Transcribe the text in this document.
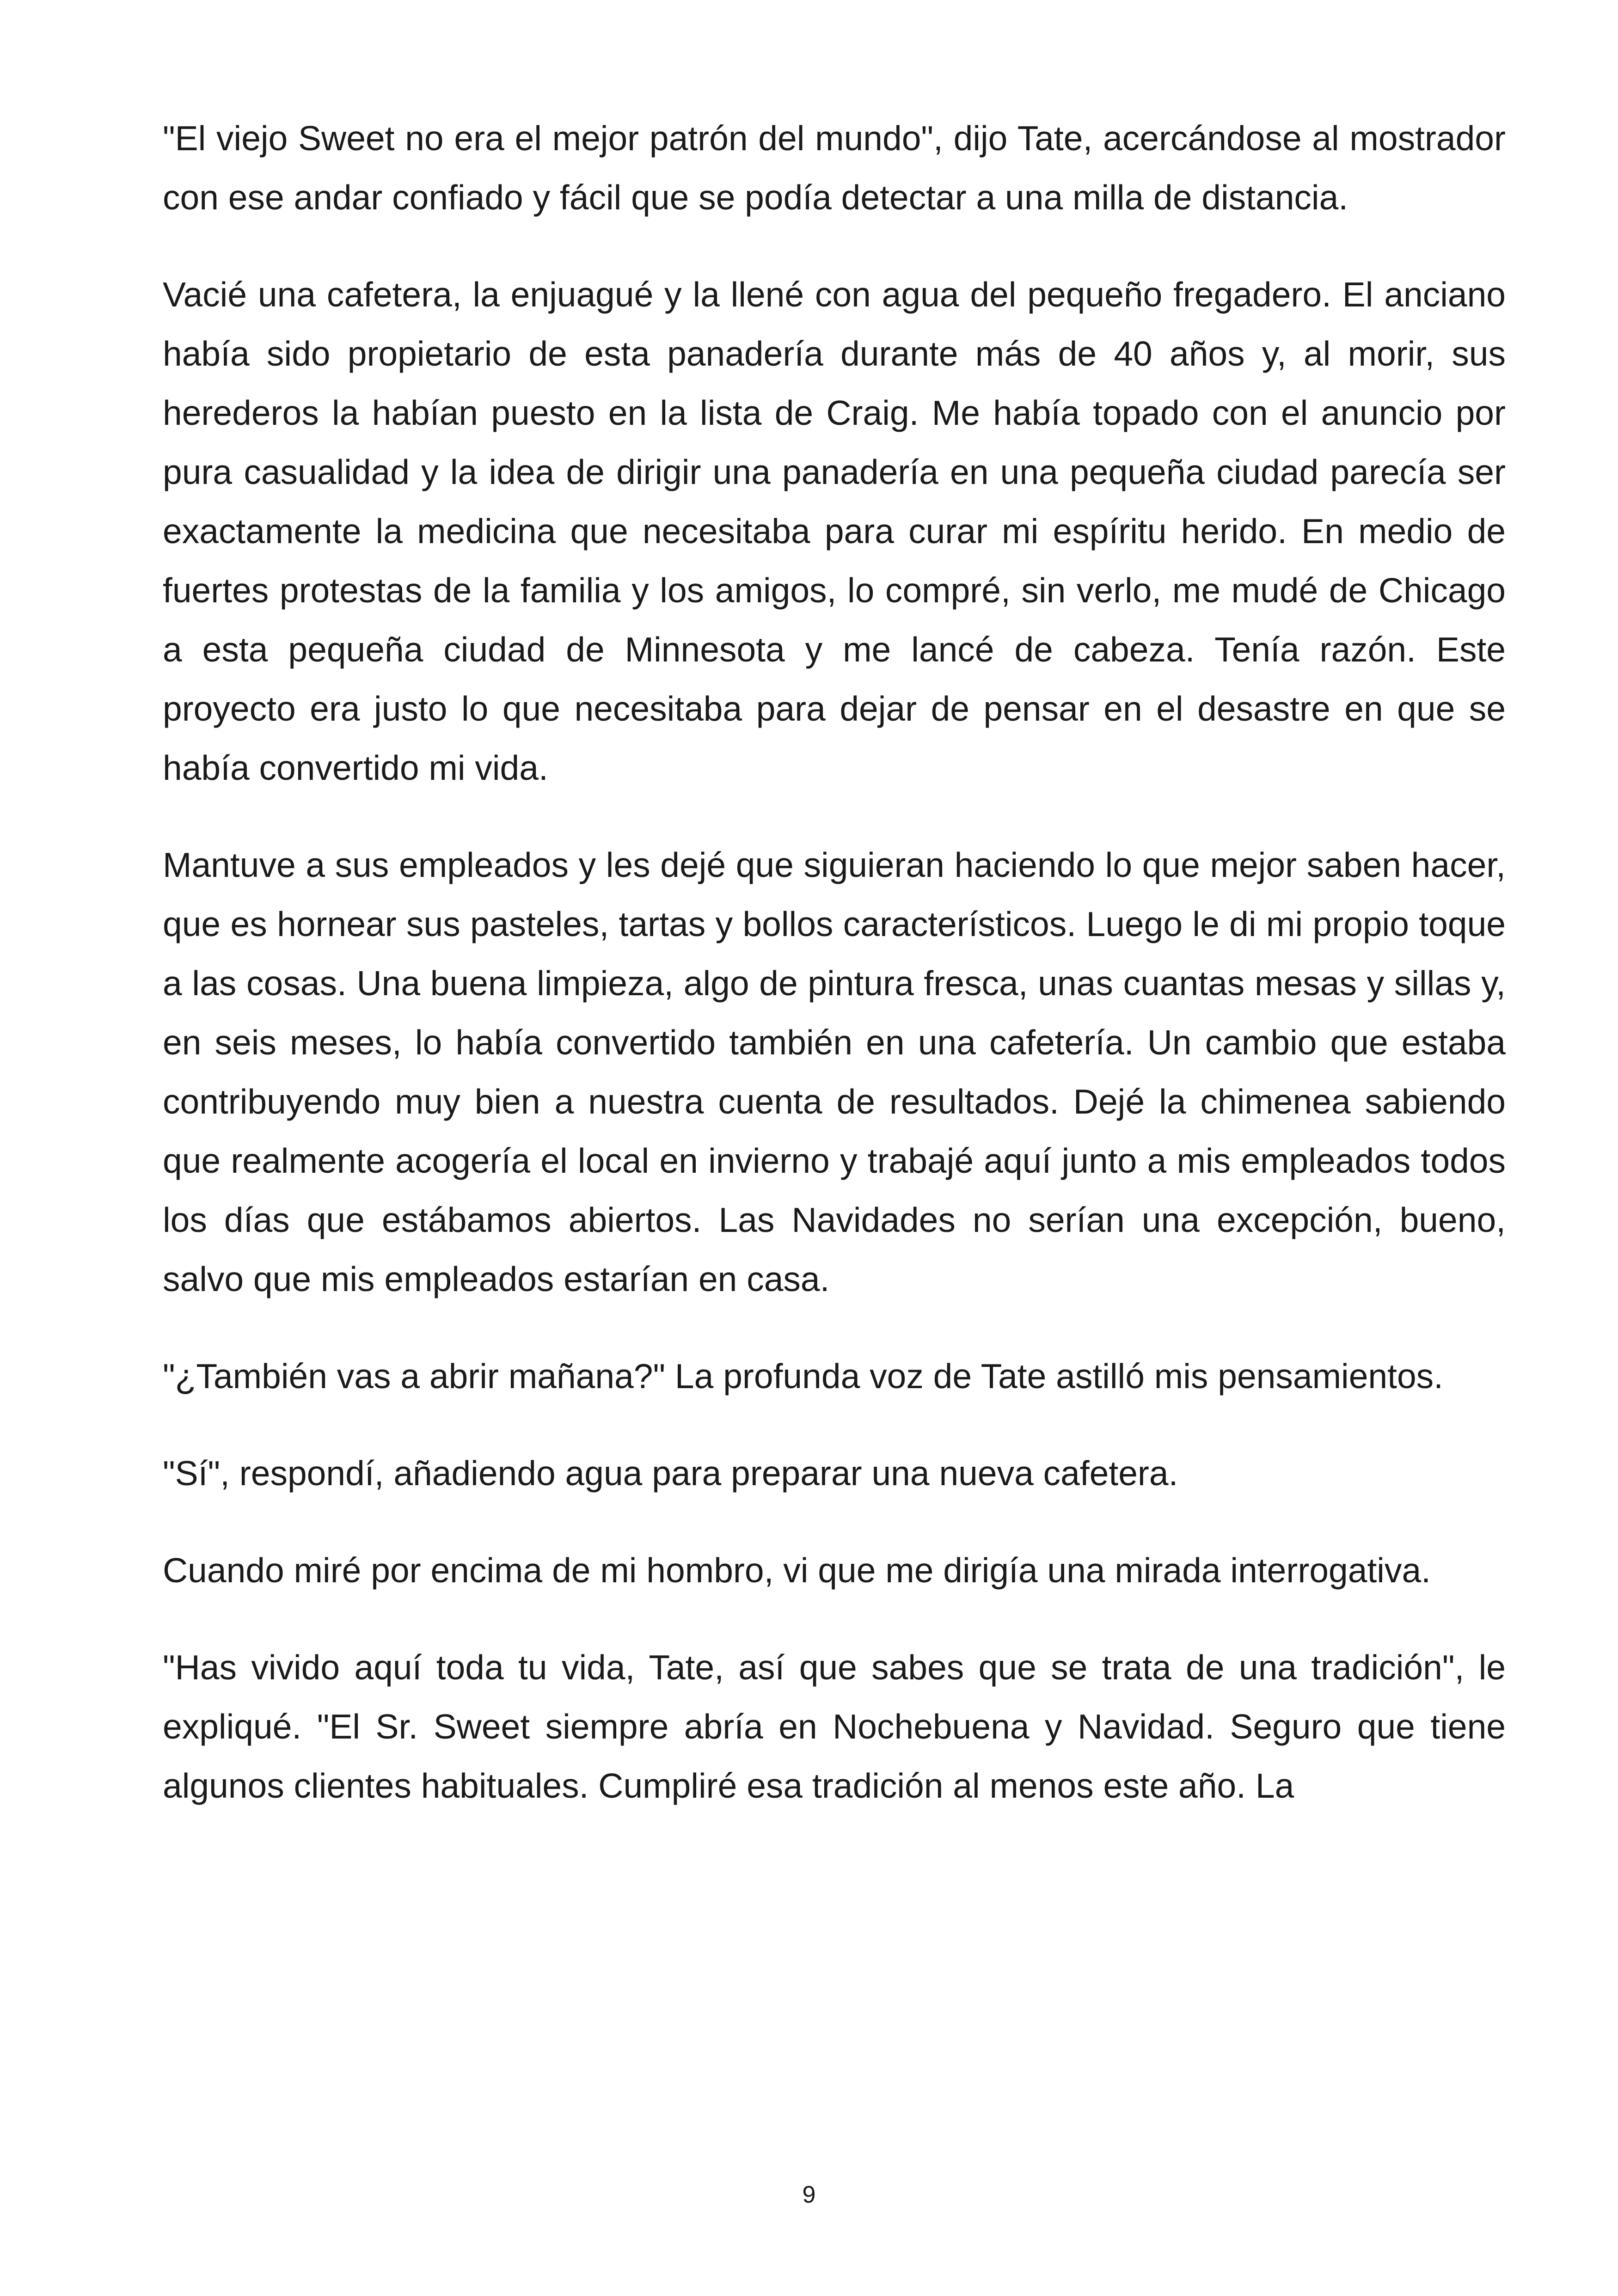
"El viejo Sweet no era el mejor patrón del mundo", dijo Tate, acercándose al mostrador con ese andar confiado y fácil que se podía detectar a una milla de distancia.

Vacié una cafetera, la enjuagué y la llené con agua del pequeño fregadero. El anciano había sido propietario de esta panadería durante más de 40 años y, al morir, sus herederos la habían puesto en la lista de Craig. Me había topado con el anuncio por pura casualidad y la idea de dirigir una panadería en una pequeña ciudad parecía ser exactamente la medicina que necesitaba para curar mi espíritu herido. En medio de fuertes protestas de la familia y los amigos, lo compré, sin verlo, me mudé de Chicago a esta pequeña ciudad de Minnesota y me lancé de cabeza. Tenía razón. Este proyecto era justo lo que necesitaba para dejar de pensar en el desastre en que se había convertido mi vida.

Mantuve a sus empleados y les dejé que siguieran haciendo lo que mejor saben hacer, que es hornear sus pasteles, tartas y bollos característicos. Luego le di mi propio toque a las cosas. Una buena limpieza, algo de pintura fresca, unas cuantas mesas y sillas y, en seis meses, lo había convertido también en una cafetería. Un cambio que estaba contribuyendo muy bien a nuestra cuenta de resultados. Dejé la chimenea sabiendo que realmente acogería el local en invierno y trabajé aquí junto a mis empleados todos los días que estábamos abiertos. Las Navidades no serían una excepción, bueno, salvo que mis empleados estarían en casa.

"¿También vas a abrir mañana?" La profunda voz de Tate astilló mis pensamientos.

"Sí", respondí, añadiendo agua para preparar una nueva cafetera.

Cuando miré por encima de mi hombro, vi que me dirigía una mirada interrogativa.

"Has vivido aquí toda tu vida, Tate, así que sabes que se trata de una tradición", le expliqué. "El Sr. Sweet siempre abría en Nochebuena y Navidad. Seguro que tiene algunos clientes habituales. Cumpliré esa tradición al menos este año. La

9
